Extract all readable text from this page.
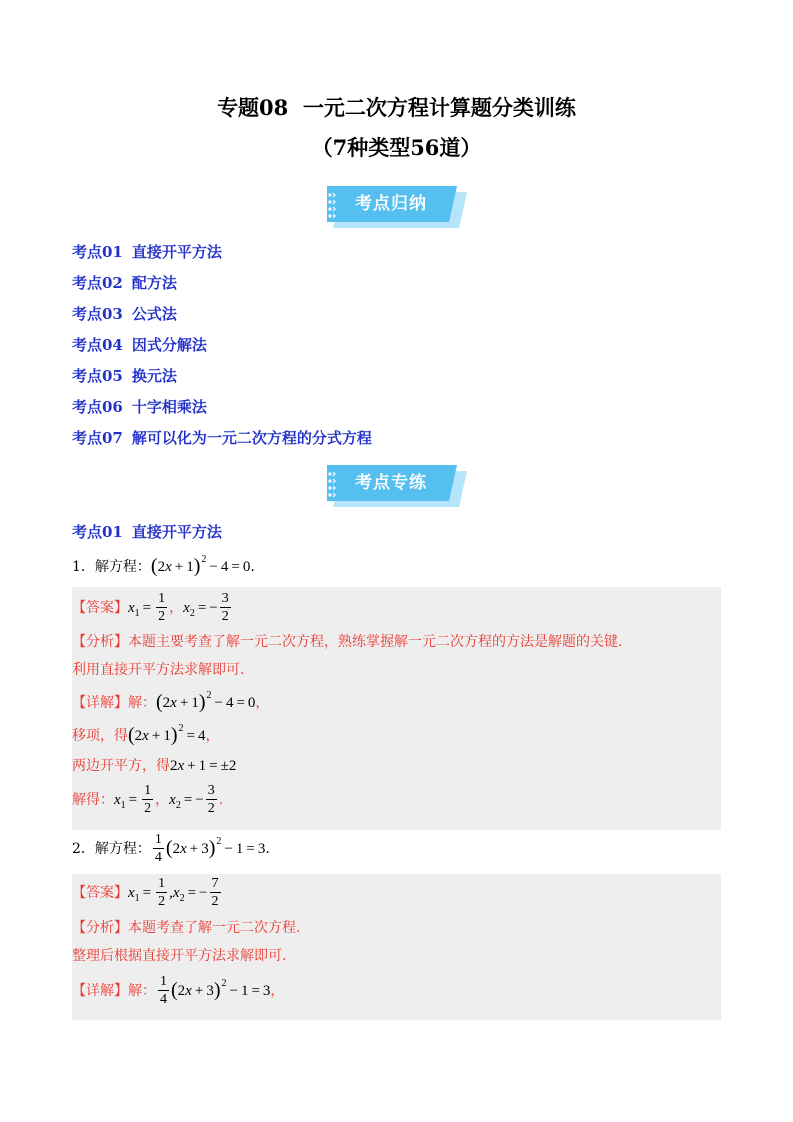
专题08  一元二次方程计算题分类训练
（7种类型56道）
考点归纳
考点01 直接开平方法
考点02 配方法
考点03 公式法
考点04 因式分解法
考点05 换元法
考点06 十字相乘法
考点07 解可以化为一元二次方程的分式方程
考点专练
考点01 直接开平方法
1．解方程：$(2x + 1)^2 - 4 = 0$.
【答案】$x_1 = \frac{1}{2}$ ，$x_2$ = − $\frac{3}{2}$
【分析】本题主要考查了解一元二次方程，熟练掌握解一元二次方程的方法是解题的关键.
利用直接开平方法求解即可.
【详解】解：$(2x + 1)^2 - 4 = 0$，
移项，得$(2x + 1)^2 = 4$，
两边开平方，得2x + 1 = ±2
解得：$x_1 = \frac{1}{2}$ ，$x_2$ = − $\frac{3}{2}$ .
2．解方程： $\frac{1}{4} (2x + 3)^2 - 1 = 3$.
【答案】$x_1 = \frac{1}{2} ,x_2$ = − $\frac{7}{2}$
【分析】本题考查了解一元二次方程.
整理后根据直接开平方法求解即可.
【详解】解： $\frac{1}{4} (2x + 3)^2 - 1 = 3$，
